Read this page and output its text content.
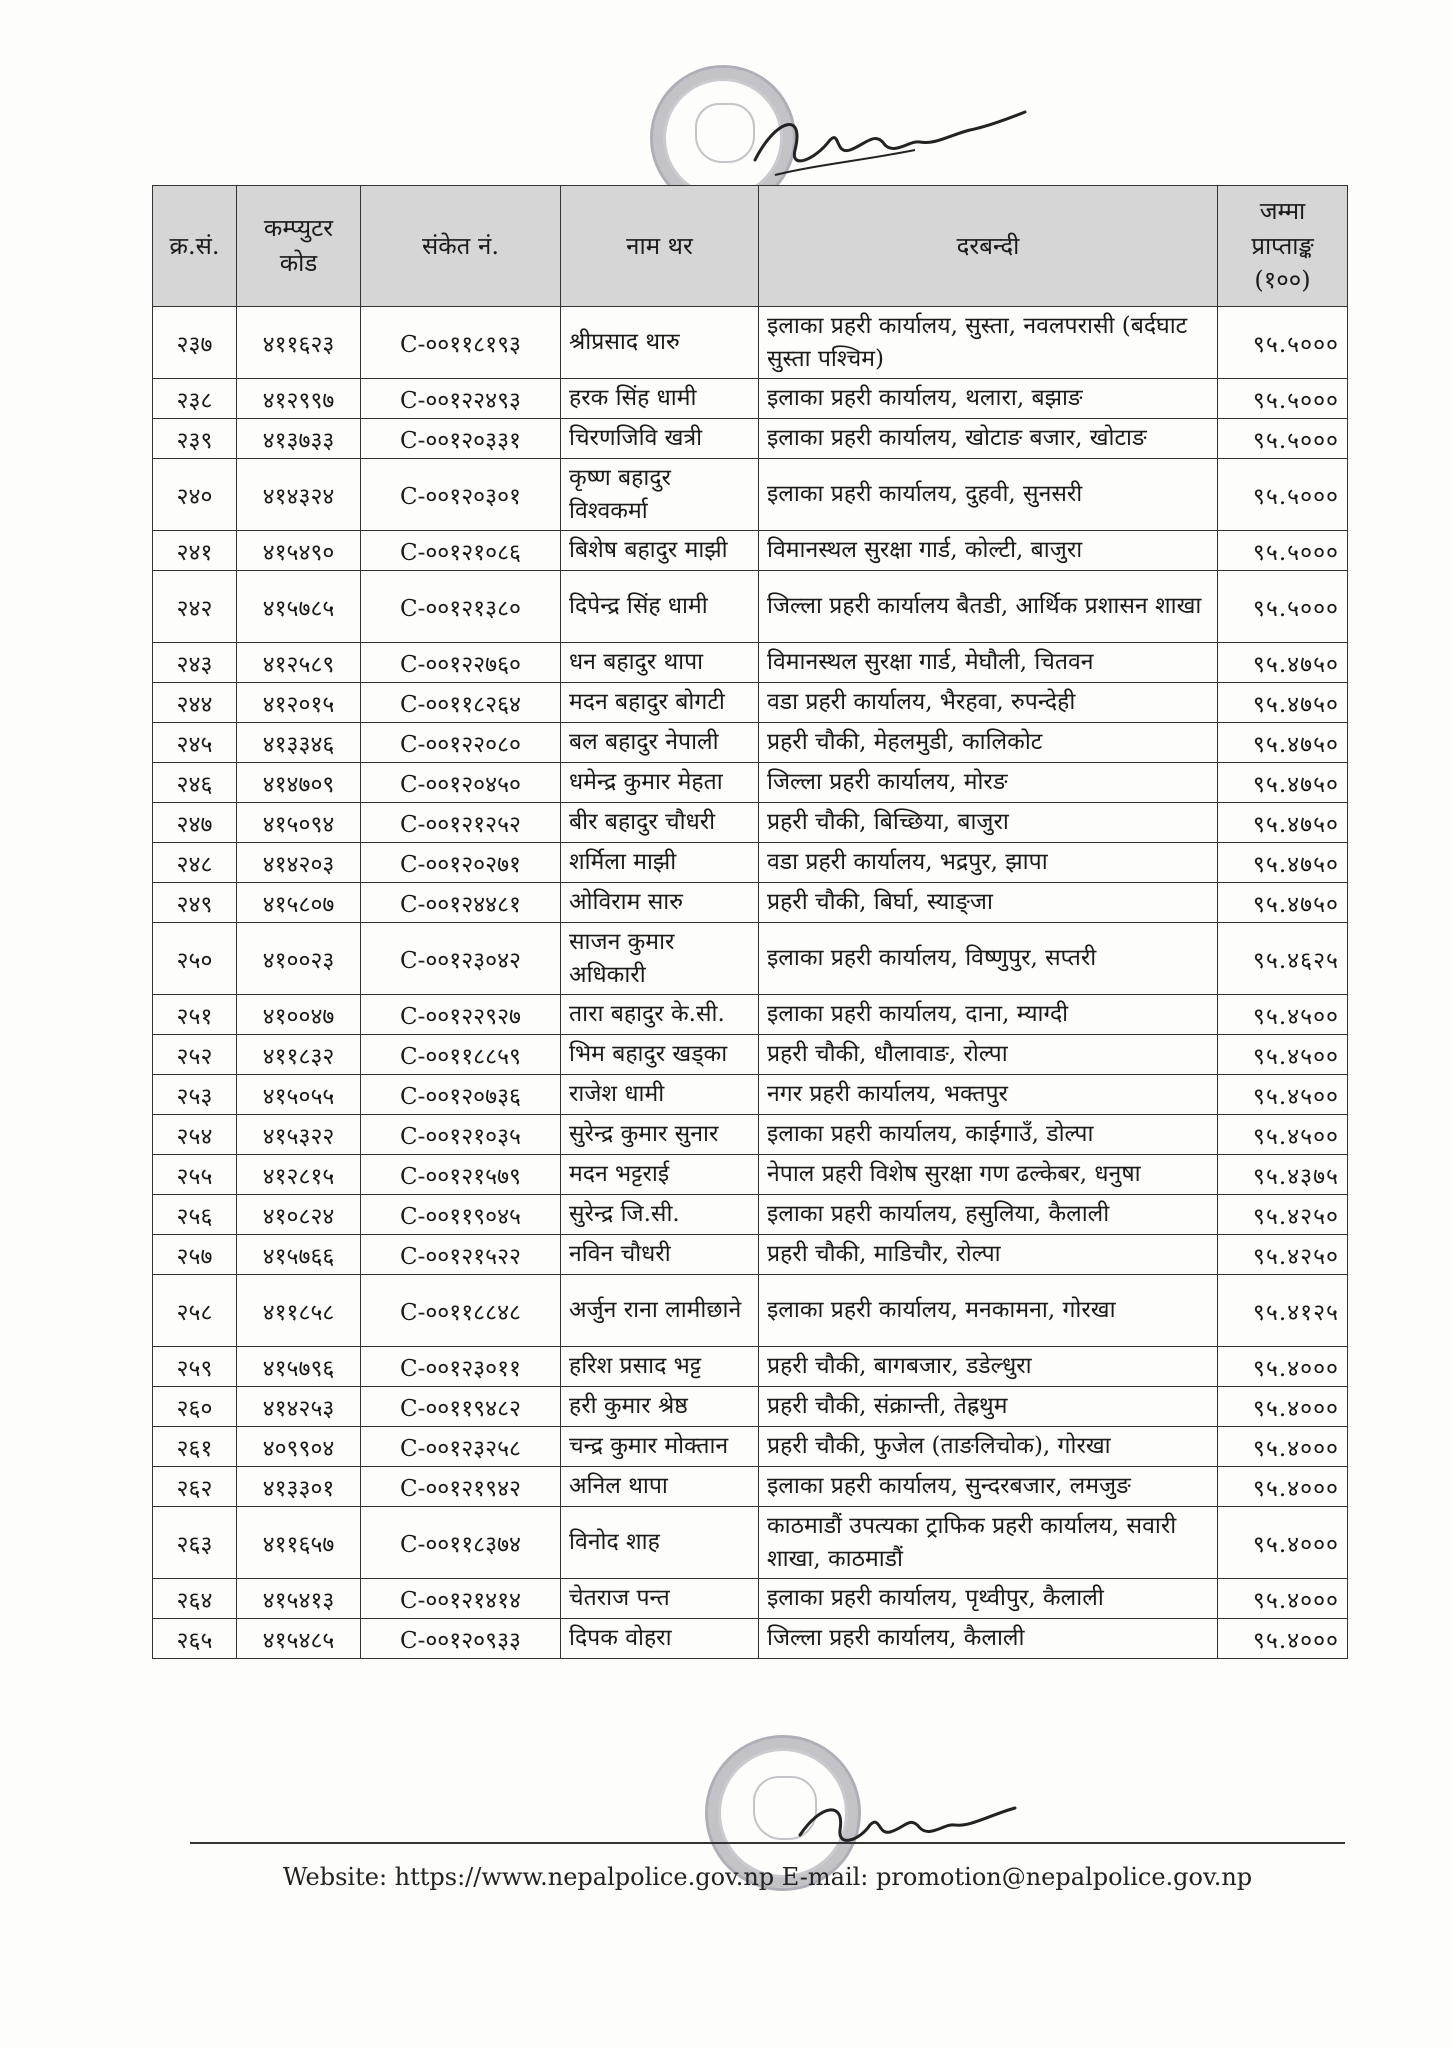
क्र.सं.	कम्प्युटर कोड	संकेत नं.	नाम थर	दरबन्दी	जम्मा प्राप्ताङ्क (१००)
२३७	४११६२३	C-००११८१९३	श्रीप्रसाद थारु	इलाका प्रहरी कार्यालय, सुस्ता, नवलपरासी (बर्दघाट सुस्ता पश्चिम)	९५.५०००
२३८	४१२९९७	C-००१२२४९३	हरक सिंह धामी	इलाका प्रहरी कार्यालय, थलारा, बझाङ	९५.५०००
२३९	४१३७३३	C-००१२०३३१	चिरणजिवि खत्री	इलाका प्रहरी कार्यालय, खोटाङ बजार, खोटाङ	९५.५०००
२४०	४१४३२४	C-००१२०३०१	कृष्ण बहादुर विश्वकर्मा	इलाका प्रहरी कार्यालय, दुहवी, सुनसरी	९५.५०००
२४१	४१५४९०	C-००१२१०८६	बिशेष बहादुर माझी	विमानस्थल सुरक्षा गार्ड, कोल्टी, बाजुरा	९५.५०००
२४२	४१५७८५	C-००१२१३८०	दिपेन्द्र सिंह धामी	जिल्ला प्रहरी कार्यालय बैतडी, आर्थिक प्रशासन शाखा	९५.५०००
२४३	४१२५८९	C-००१२२७६०	धन बहादुर थापा	विमानस्थल सुरक्षा गार्ड, मेघौली, चितवन	९५.४७५०
२४४	४१२०१५	C-००११८२६४	मदन बहादुर बोगटी	वडा प्रहरी कार्यालय, भैरहवा, रुपन्देही	९५.४७५०
२४५	४१३३४६	C-००१२२०८०	बल बहादुर नेपाली	प्रहरी चौकी, मेहलमुडी, कालिकोट	९५.४७५०
२४६	४१४७०९	C-००१२०४५०	धमेन्द्र कुमार मेहता	जिल्ला प्रहरी कार्यालय, मोरङ	९५.४७५०
२४७	४१५०९४	C-००१२१२५२	बीर बहादुर चौधरी	प्रहरी चौकी, बिच्छिया, बाजुरा	९५.४७५०
२४८	४१४२०३	C-००१२०२७१	शर्मिला माझी	वडा प्रहरी कार्यालय, भद्रपुर, झापा	९५.४७५०
२४९	४१५८०७	C-००१२४४८१	ओविराम सारु	प्रहरी चौकी, बिर्घा, स्याङ्जा	९५.४७५०
२५०	४१००२३	C-००१२३०४२	साजन कुमार अधिकारी	इलाका प्रहरी कार्यालय, विष्णुपुर, सप्तरी	९५.४६२५
२५१	४१००४७	C-००१२२९२७	तारा बहादुर के.सी.	इलाका प्रहरी कार्यालय, दाना, म्याग्दी	९५.४५००
२५२	४११८३२	C-००११८८५९	भिम बहादुर खड्का	प्रहरी चौकी, धौलावाङ, रोल्पा	९५.४५००
२५३	४१५०५५	C-००१२०७३६	राजेश धामी	नगर प्रहरी कार्यालय, भक्तपुर	९५.४५००
२५४	४१५३२२	C-००१२१०३५	सुरेन्द्र कुमार सुनार	इलाका प्रहरी कार्यालय, काईगाउँ, डोल्पा	९५.४५००
२५५	४१२८१५	C-००१२१५७९	मदन भट्टराई	नेपाल प्रहरी विशेष सुरक्षा गण ढल्केबर, धनुषा	९५.४३७५
२५६	४१०८२४	C-००११९०४५	सुरेन्द्र जि.सी.	इलाका प्रहरी कार्यालय, हसुलिया, कैलाली	९५.४२५०
२५७	४१५७६६	C-००१२१५२२	नविन चौधरी	प्रहरी चौकी, माडिचौर, रोल्पा	९५.४२५०
२५८	४११८५८	C-००११८८४८	अर्जुन राना लामीछाने	इलाका प्रहरी कार्यालय, मनकामना, गोरखा	९५.४१२५
२५९	४१५७९६	C-००१२३०११	हरिश प्रसाद भट्ट	प्रहरी चौकी, बागबजार, डडेल्धुरा	९५.४०००
२६०	४१४२५३	C-००११९४८२	हरी कुमार श्रेष्ठ	प्रहरी चौकी, संक्रान्ती, तेह्रथुम	९५.४०००
२६१	४०९९०४	C-००१२३२५८	चन्द्र कुमार मोक्तान	प्रहरी चौकी, फुजेल (ताङलिचोक), गोरखा	९५.४०००
२६२	४१३३०१	C-००१२१९४२	अनिल थापा	इलाका प्रहरी कार्यालय, सुन्दरबजार, लमजुङ	९५.४०००
२६३	४११६५७	C-००११८३७४	विनोद शाह	काठमाडौं उपत्यका ट्राफिक प्रहरी कार्यालय, सवारी शाखा, काठमाडौं	९५.४०००
२६४	४१५४१३	C-००१२१४१४	चेतराज पन्त	इलाका प्रहरी कार्यालय, पृथ्वीपुर, कैलाली	९५.४०००
२६५	४१५४८५	C-००१२०९३३	दिपक वोहरा	जिल्ला प्रहरी कार्यालय, कैलाली	९५.४०००
Website: https://www.nepalpolice.gov.np E-mail: promotion@nepalpolice.gov.np
